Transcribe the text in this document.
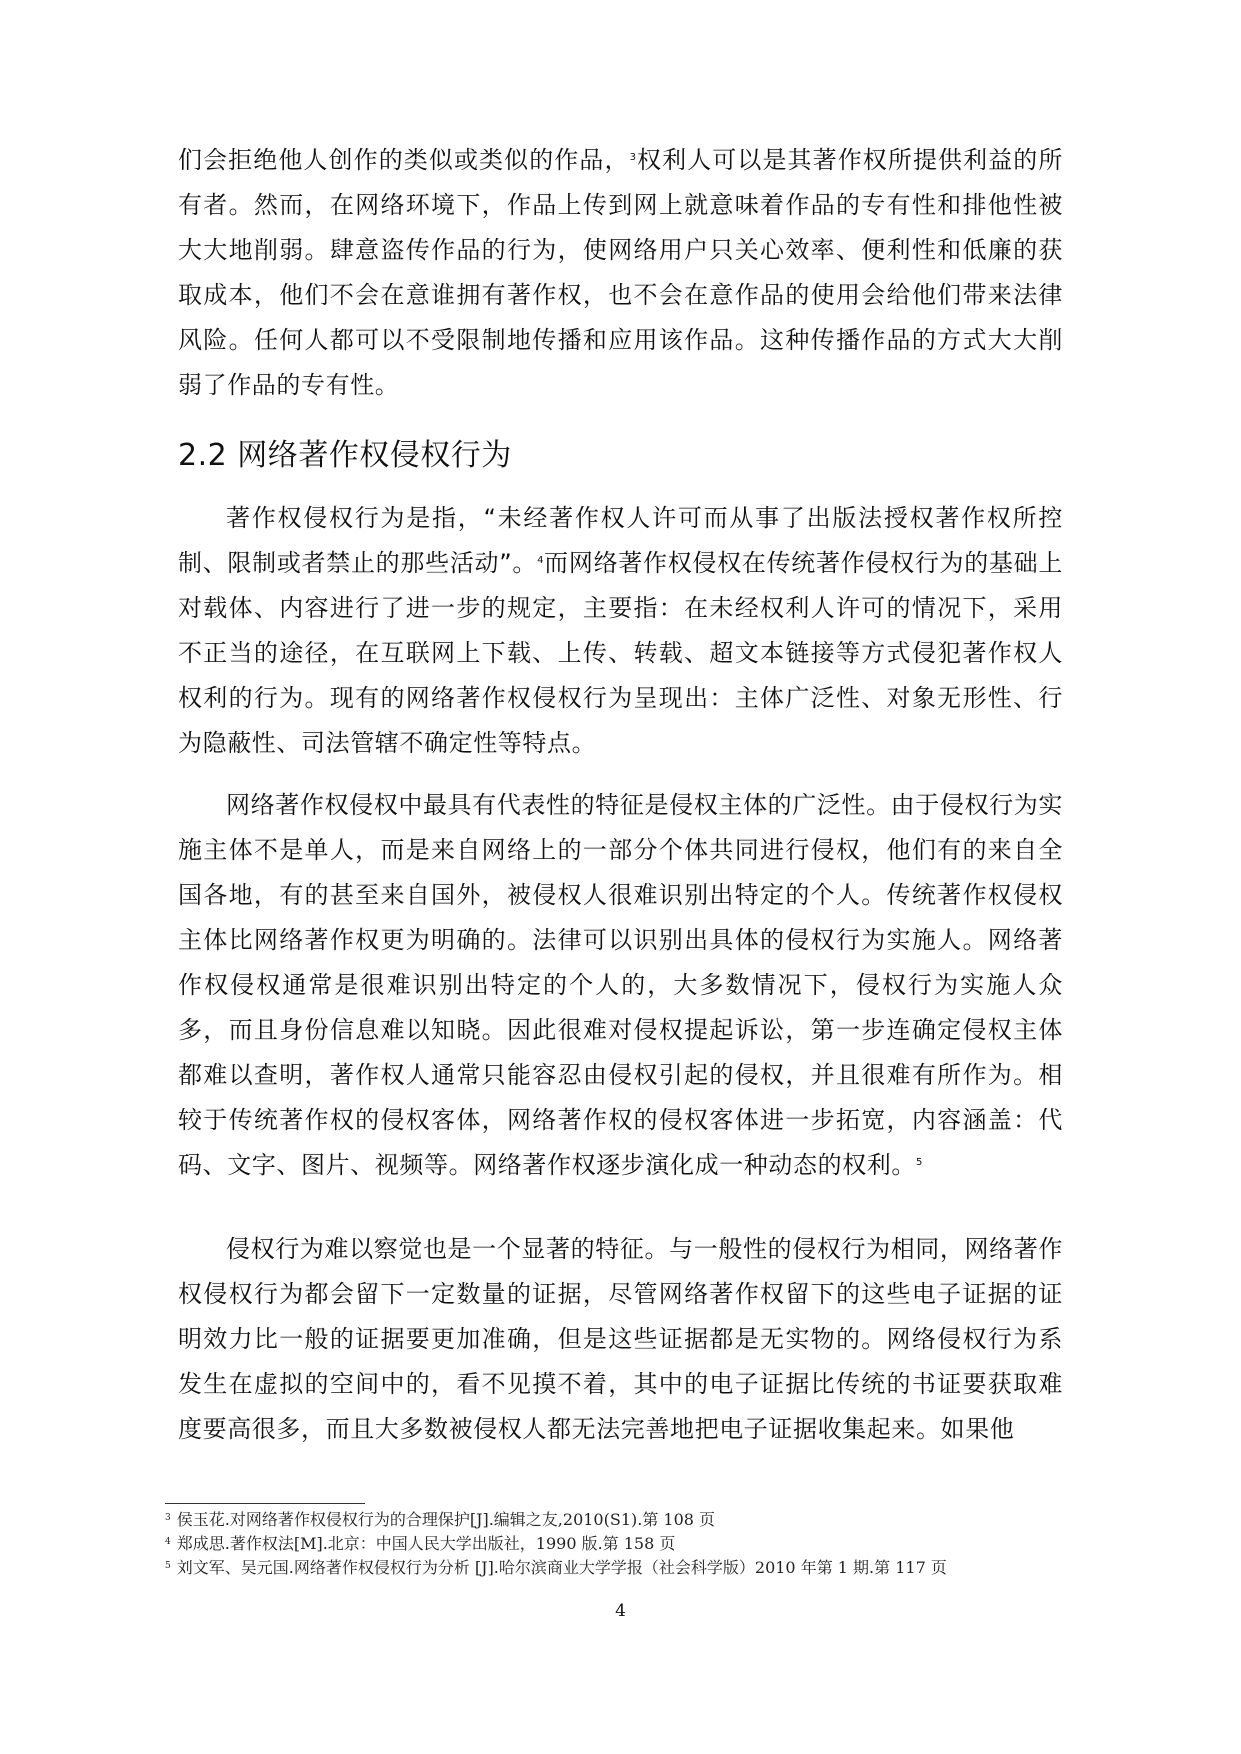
们会拒绝他人创作的类似或类似的作品，$^3$权利人可以是其著作权所提供利益的所有者。然而，在网络环境下，作品上传到网上就意味着作品的专有性和排他性被大大地削弱。肆意盗传作品的行为，使网络用户只关心效率、便利性和低廉的获取成本，他们不会在意谁拥有著作权，也不会在意作品的使用会给他们带来法律风险。任何人都可以不受限制地传播和应用该作品。这种传播作品的方式大大削弱了作品的专有性。

2.2 网络著作权侵权行为

著作权侵权行为是指，“未经著作权人许可而从事了出版法授权著作权所控制、限制或者禁止的那些活动”。$^4$而网络著作权侵权在传统著作侵权行为的基础上对载体、内容进行了进一步的规定，主要指：在未经权利人许可的情况下，采用不正当的途径，在互联网上下载、上传、转载、超文本链接等方式侵犯著作权人权利的行为。现有的网络著作权侵权行为呈现出：主体广泛性、对象无形性、行为隐蔽性、司法管辖不确定性等特点。

网络著作权侵权中最具有代表性的特征是侵权主体的广泛性。由于侵权行为实施主体不是单人，而是来自网络上的一部分个体共同进行侵权，他们有的来自全国各地，有的甚至来自国外，被侵权人很难识别出特定的个人。传统著作权侵权主体比网络著作权更为明确的。法律可以识别出具体的侵权行为实施人。网络著作权侵权通常是很难识别出特定的个人的，大多数情况下，侵权行为实施人众多，而且身份信息难以知晓。因此很难对侵权提起诉讼，第一步连确定侵权主体都难以查明，著作权人通常只能容忍由侵权引起的侵权，并且很难有所作为。相较于传统著作权的侵权客体，网络著作权的侵权客体进一步拓宽，内容涵盖：代码、文字、图片、视频等。网络著作权逐步演化成一种动态的权利。$^5$

侵权行为难以察觉也是一个显著的特征。与一般性的侵权行为相同，网络著作权侵权行为都会留下一定数量的证据，尽管网络著作权留下的这些电子证据的证明效力比一般的证据要更加准确，但是这些证据都是无实物的。网络侵权行为系发生在虚拟的空间中的，看不见摸不着，其中的电子证据比传统的书证要获取难度要高很多，而且大多数被侵权人都无法完善地把电子证据收集起来。如果他

$^3$ 侯玉花.对网络著作权侵权行为的合理保护[J].编辑之友,2010(S1).第 108 页

$^4$ 郑成思.著作权法[M].北京：中国人民大学出版社，1990 版.第 158 页

$^5$ 刘文军、吴元国.网络著作权侵权行为分析 [J].哈尔滨商业大学学报（社会科学版）2010 年第 1 期.第 117 页

4
